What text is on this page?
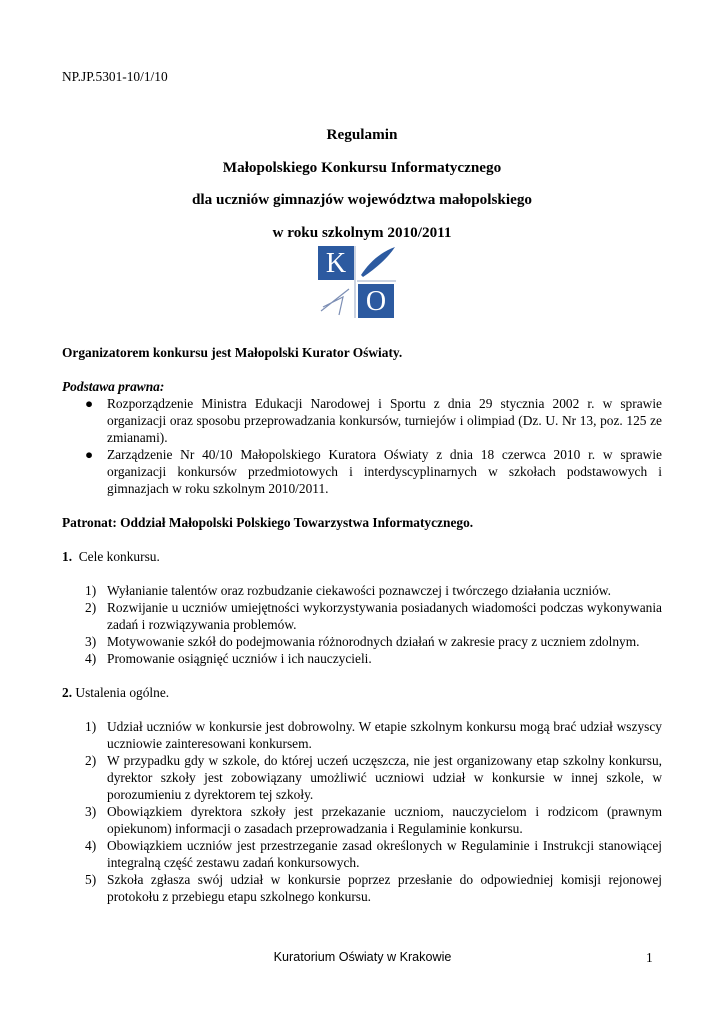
NP.JP.5301-10/1/10
Regulamin
Małopolskiego Konkursu Informatycznego
dla uczniów gimnazjów województwa małopolskiego
w roku szkolnym 2010/2011
K
O

Organizatorem konkursu jest Małopolski Kurator Oświaty.

Podstawa prawna:

● Rozporządzenie Ministra Edukacji Narodowej i Sportu z dnia 29 stycznia 2002 r. w sprawie organizacji oraz sposobu przeprowadzania konkursów, turniejów i olimpiad (Dz. U. Nr 13, poz. 125 ze zmianami).
● Zarządzenie Nr 40/10 Małopolskiego Kuratora Oświaty z dnia 18 czerwca 2010 r. w sprawie organizacji konkursów przedmiotowych i interdyscyplinarnych w szkołach podstawowych i gimnazjach w roku szkolnym 2010/2011.

Patronat: Oddział Małopolski Polskiego Towarzystwa Informatycznego.

1. Cele konkursu.

1) Wyłanianie talentów oraz rozbudzanie ciekawości poznawczej i twórczego działania uczniów.
2) Rozwijanie u uczniów umiejętności wykorzystywania posiadanych wiadomości podczas wykonywania zadań i rozwiązywania problemów.
3) Motywowanie szkół do podejmowania różnorodnych działań w zakresie pracy z uczniem zdolnym.
4) Promowanie osiągnięć uczniów i ich nauczycieli.

2. Ustalenia ogólne.

1) Udział uczniów w konkursie jest dobrowolny. W etapie szkolnym konkursu mogą brać udział wszyscy uczniowie zainteresowani konkursem.
2) W przypadku gdy w szkole, do której uczeń uczęszcza, nie jest organizowany etap szkolny konkursu, dyrektor szkoły jest zobowiązany umożliwić uczniowi udział w konkursie w innej szkole, w porozumieniu z dyrektorem tej szkoły.
3) Obowiązkiem dyrektora szkoły jest przekazanie uczniom, nauczycielom i rodzicom (prawnym opiekunom) informacji o zasadach przeprowadzania i Regulaminie konkursu.
4) Obowiązkiem uczniów jest przestrzeganie zasad określonych w Regulaminie i Instrukcji stanowiącej integralną część zestawu zadań konkursowych.
5) Szkoła zgłasza swój udział w konkursie poprzez przesłanie do odpowiedniej komisji rejonowej protokołu z przebiegu etapu szkolnego konkursu.
Kuratorium Oświaty w Krakowie	1
